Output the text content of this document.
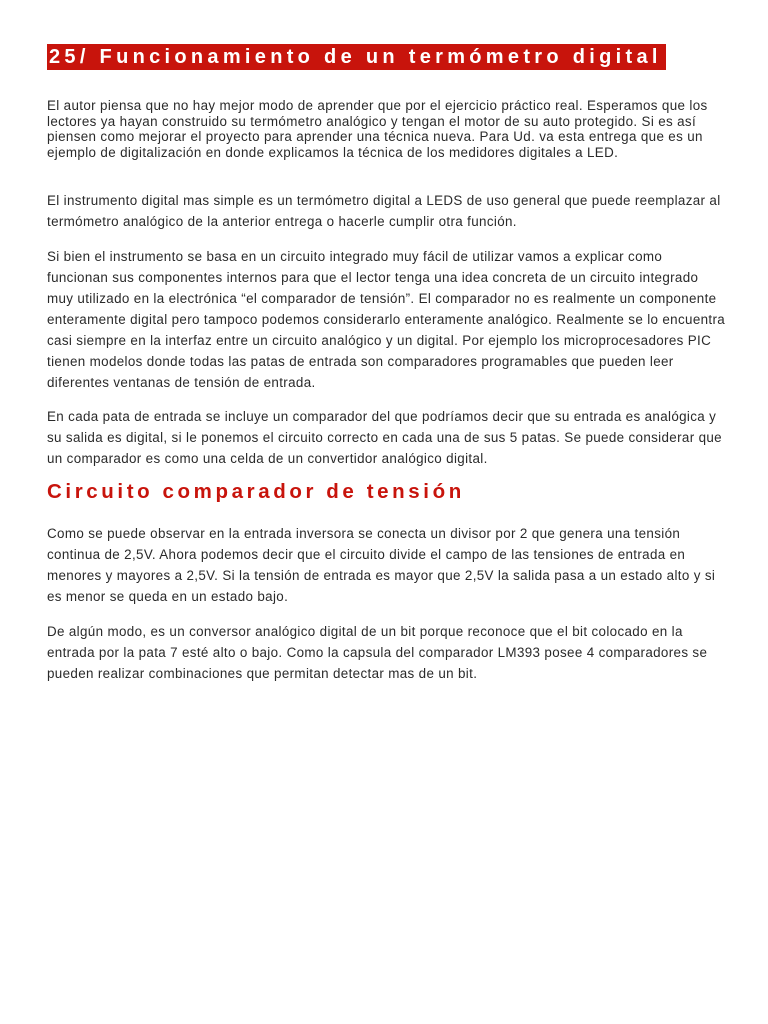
25/ Funcionamiento de un termómetro digital

El autor piensa que no hay mejor modo de aprender que por el ejercicio práctico real. Esperamos que los lectores ya hayan construido su termómetro analógico y tengan el motor de su auto protegido. Si es así piensen como mejorar el proyecto para aprender una técnica nueva. Para Ud. va esta entrega que es un ejemplo de digitalización en donde explicamos la técnica de los medidores digitales a LED.

El instrumento digital mas simple es un termómetro digital a LEDS de uso general que puede reemplazar al termómetro analógico de la anterior entrega o hacerle cumplir otra función.

Si bien el instrumento se basa en un circuito integrado muy fácil de utilizar vamos a explicar como funcionan sus componentes internos para que el lector tenga una idea concreta de un circuito integrado muy utilizado en la electrónica “el comparador de tensión”. El comparador no es realmente un componente enteramente digital pero tampoco podemos considerarlo enteramente analógico. Realmente se lo encuentra casi siempre en la interfaz entre un circuito analógico y un digital. Por ejemplo los microprocesadores PIC tienen modelos donde todas las patas de entrada son comparadores programables que pueden leer diferentes ventanas de tensión de entrada.

En cada pata de entrada se incluye un comparador del que podríamos decir que su entrada es analógica y su salida es digital, si le ponemos el circuito correcto en cada una de sus 5 patas. Se puede considerar que un comparador es como una celda de un convertidor analógico digital.

Circuito comparador de tensión

Como se puede observar en la entrada inversora se conecta un divisor por 2 que genera una tensión continua de 2,5V. Ahora podemos decir que el circuito divide el campo de las tensiones de entrada en menores y mayores a 2,5V. Si la tensión de entrada es mayor que 2,5V la salida pasa a un estado alto y si es menor se queda en un estado bajo.

De algún modo, es un conversor analógico digital de un bit porque reconoce que el bit colocado en la entrada por la pata 7 esté alto o bajo. Como la capsula del comparador LM393 posee 4 comparadores se pueden realizar combinaciones que permitan detectar mas de un bit.
